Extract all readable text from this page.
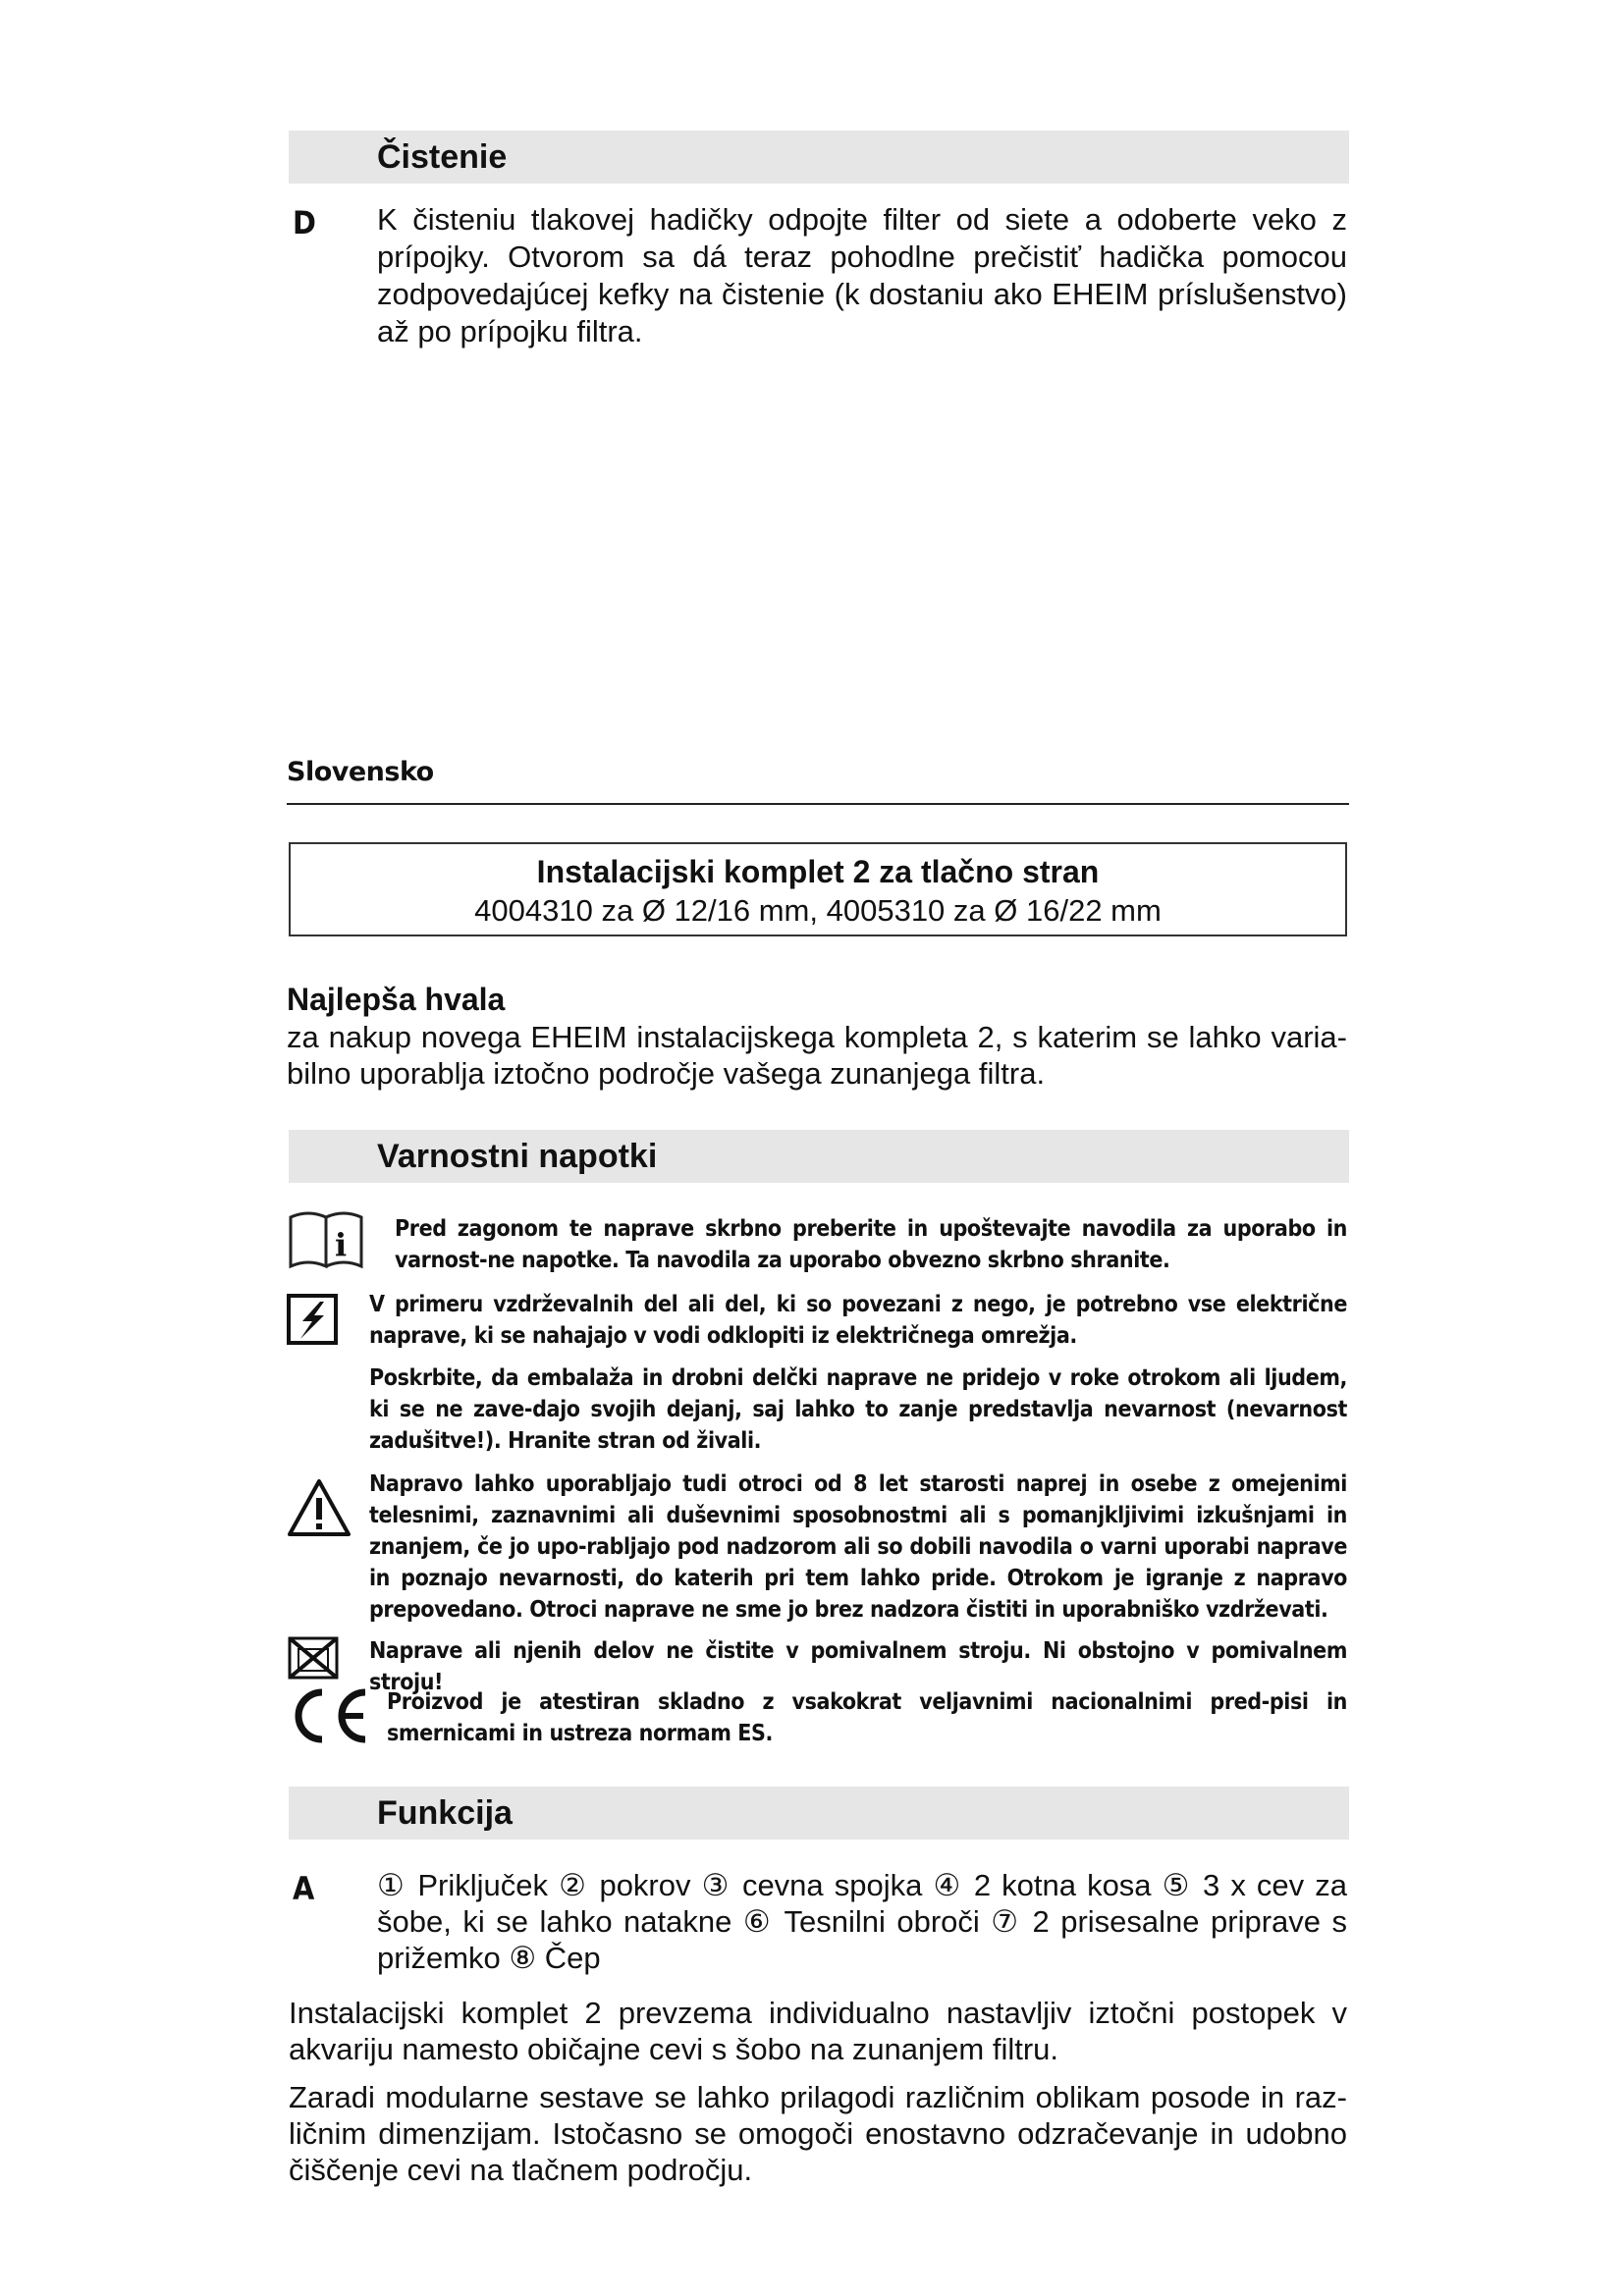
Čistenie
D K čisteniu tlakovej hadičky odpojte filter od siete a odoberte veko z prípojky. Otvorom sa dá teraz pohodlne prečistiť hadička pomocou zodpovedajúcej kefky na čistenie (k dostaniu ako EHEIM príslušenstvo) až po prípojku filtra.
Slovensko
Instalacijski komplet 2 za tlačno stran
4004310 za Ø 12/16 mm, 4005310 za Ø 16/22 mm
Najlepša hvala
za nakup novega EHEIM instalacijskega kompleta 2, s katerim se lahko varia-bilno uporablja iztočno področje vašega zunanjega filtra.
Varnostni napotki
i Pred zagonom te naprave skrbno preberite in upoštevajte navodila za uporabo in varnost-ne napotke. Ta navodila za uporabo obvezno skrbno shranite.
V primeru vzdrževalnih del ali del, ki so povezani z nego, je potrebno vse električne naprave, ki se nahajajo v vodi odklopiti iz električnega omrežja.
Poskrbite, da embalaža in drobni delčki naprave ne pridejo v roke otrokom ali ljudem, ki se ne zave-dajo svojih dejanj, saj lahko to zanje predstavlja nevarnost (nevarnost zadušitve!). Hranite stran od živali.
Napravo lahko uporabljajo tudi otroci od 8 let starosti naprej in osebe z omejenimi telesnimi, zaznavnimi ali duševnimi sposobnostmi ali s pomanjkljivimi izkušnjami in znanjem, če jo upo-rabljajo pod nadzorom ali so dobili navodila o varni uporabi naprave in poznajo nevarnosti, do katerih pri tem lahko pride. Otrokom je igranje z napravo prepovedano. Otroci naprave ne sme jo brez nadzora čistiti in uporabniško vzdrževati.
Naprave ali njenih delov ne čistite v pomivalnem stroju. Ni obstojno v pomivalnem stroju!
Proizvod je atestiran skladno z vsakokrat veljavnimi nacionalnimi pred-pisi in smernicami in ustreza normam ES.
Funkcija
A ① Priključek ② pokrov ③ cevna spojka ④ 2 kotna kosa ⑤ 3 x cev za šobe, ki se lahko natakne ⑥ Tesnilni obroči ⑦ 2 prisesalne priprave s prižemko ⑧ Čep
Instalacijski komplet 2 prevzema individualno nastavljiv iztočni postopek v akvariju namesto običajne cevi s šobo na zunanjem filtru.
Zaradi modularne sestave se lahko prilagodi različnim oblikam posode in raz-ličnim dimenzijam. Istočasno se omogoči enostavno odzračevanje in udobno čiščenje cevi na tlačnem področju.
